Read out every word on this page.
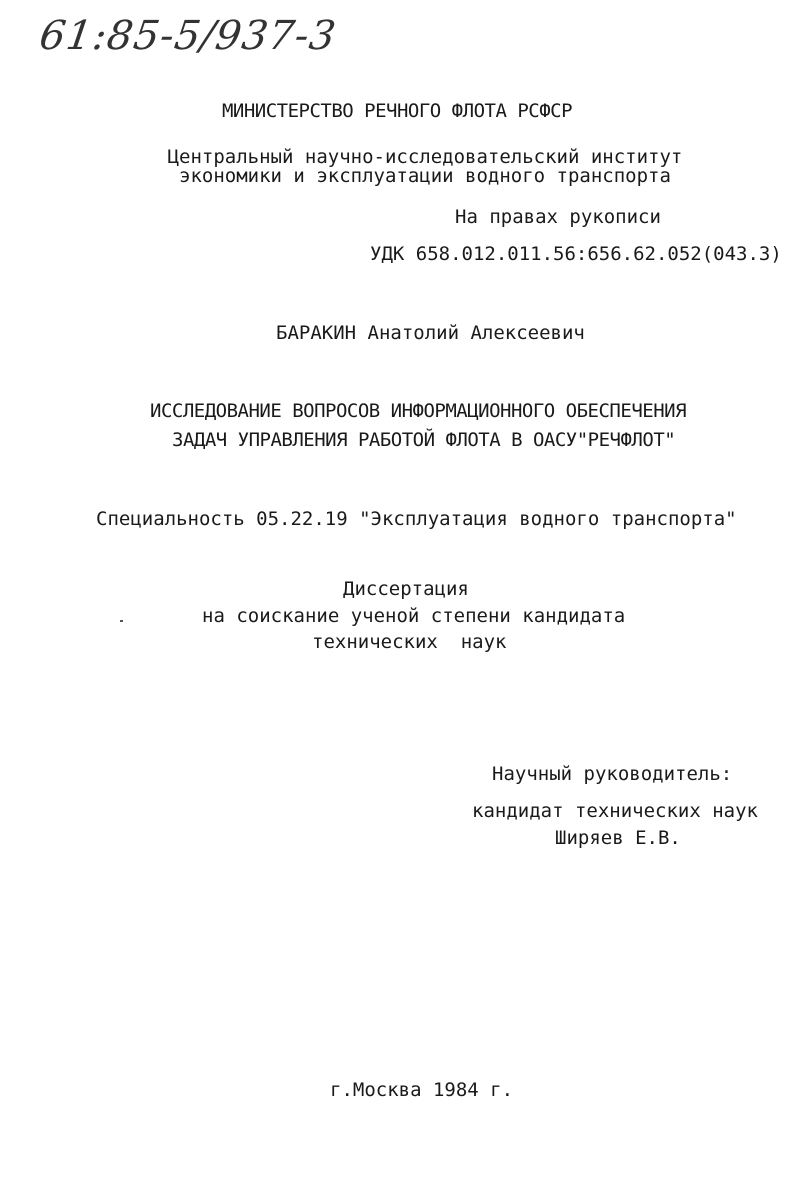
61:85-5/937-3
МИНИСТЕРСТВО РЕЧНОГО ФЛОТА РСФСР
Центральный научно-исследовательский институт
экономики и эксплуатации водного транспорта
На правах рукописи
УДК 658.012.011.56:656.62.052(043.3)
БАРАКИН Анатолий Алексеевич
ИССЛЕДОВАНИЕ ВОПРОСОВ ИНФОРМАЦИОННОГО ОБЕСПЕЧЕНИЯ
ЗАДАЧ УПРАВЛЕНИЯ РАБОТОЙ ФЛОТА В ОАСУ"РЕЧФЛОТ"
Специальность 05.22.19 "Эксплуатация водного транспорта"
Диссертация
на соискание ученой степени кандидата
технических  наук
Научный руководитель:
кандидат технических наук
Ширяев Е.В.
г.Москва 1984 г.
